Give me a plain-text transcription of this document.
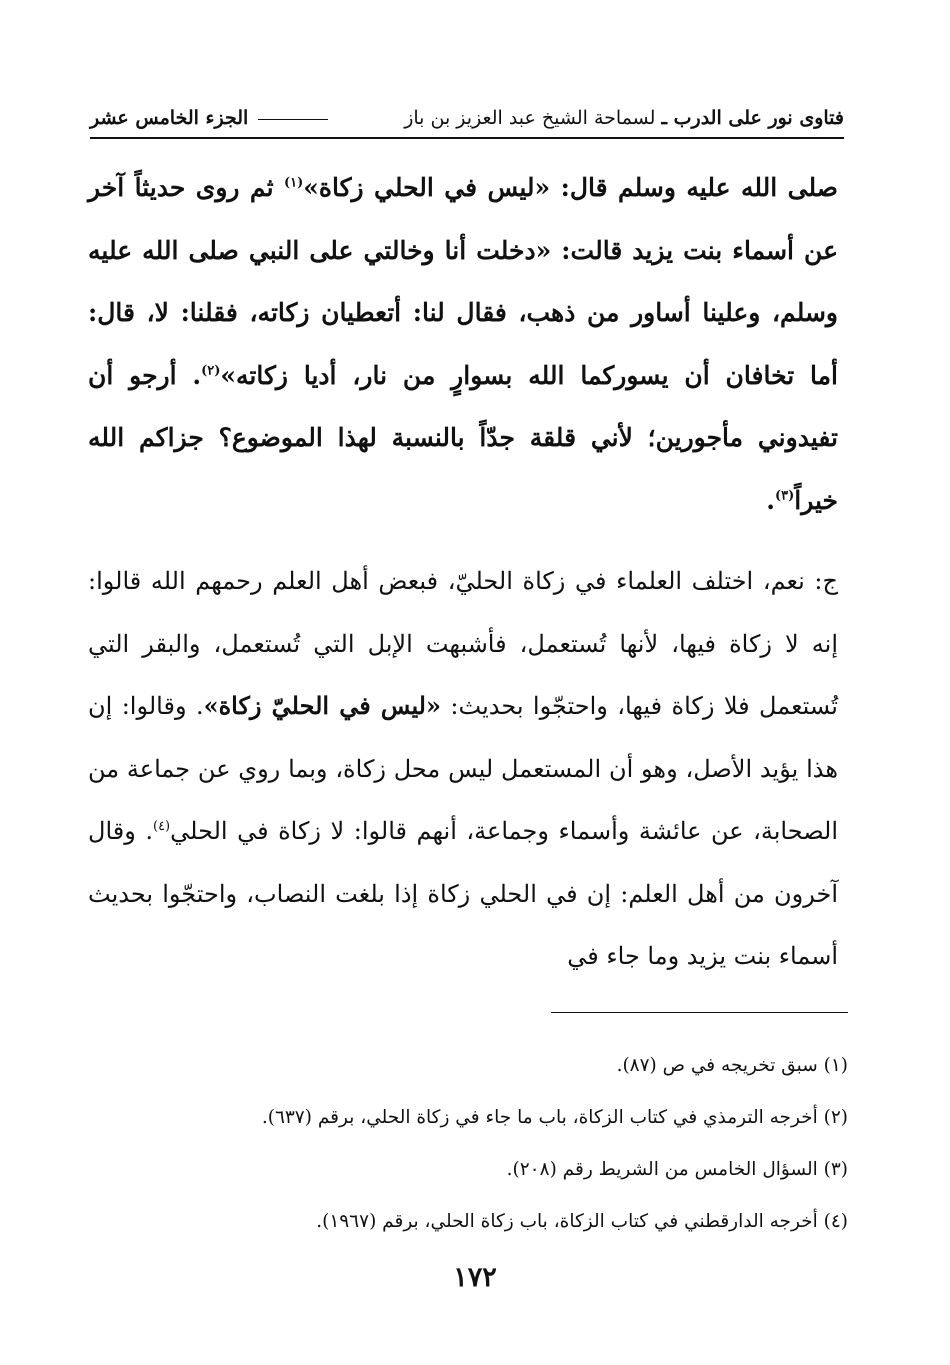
فتاوى نور على الدرب ـ لسماحة الشيخ عبد العزيز بن باز
الجزء الخامس عشر

صلى الله عليه وسلم قال: «ليس في الحلي زكاة»$^{(١)}$ ثم روى حديثاً آخر عن أسماء بنت يزيد قالت: «دخلت أنا وخالتي على النبي صلى الله عليه وسلم، وعلينا أساور من ذهب، فقال لنا: أتعطيان زكاته، فقلنا: لا، قال: أما تخافان أن يسوركما الله بسوارٍ من نار، أديا زكاته»$^{(٢)}$. أرجو أن تفيدوني مأجورين؛ لأني قلقة جدّاً بالنسبة لهذا الموضوع؟ جزاكم الله خيراً$^{(٣)}$.

ج: نعم، اختلف العلماء في زكاة الحليّ، فبعض أهل العلم رحمهم الله قالوا: إنه لا زكاة فيها، لأنها تُستعمل، فأشبهت الإبل التي تُستعمل، والبقر التي تُستعمل فلا زكاة فيها، واحتجّوا بحديث: «ليس في الحليّ زكاة». وقالوا: إن هذا يؤيد الأصل، وهو أن المستعمل ليس محل زكاة، وبما روي عن جماعة من الصحابة، عن عائشة وأسماء وجماعة، أنهم قالوا: لا زكاة في الحلي$^{(٤)}$. وقال آخرون من أهل العلم: إن في الحلي زكاة إذا بلغت النصاب، واحتجّوا بحديث أسماء بنت يزيد وما جاء في

(١) سبق تخريجه في ص (٨٧).
(٢) أخرجه الترمذي في كتاب الزكاة، باب ما جاء في زكاة الحلي، برقم (٦٣٧).
(٣) السؤال الخامس من الشريط رقم (٢٠٨).
(٤) أخرجه الدارقطني في كتاب الزكاة، باب زكاة الحلي، برقم (١٩٦٧).
١٧٢
